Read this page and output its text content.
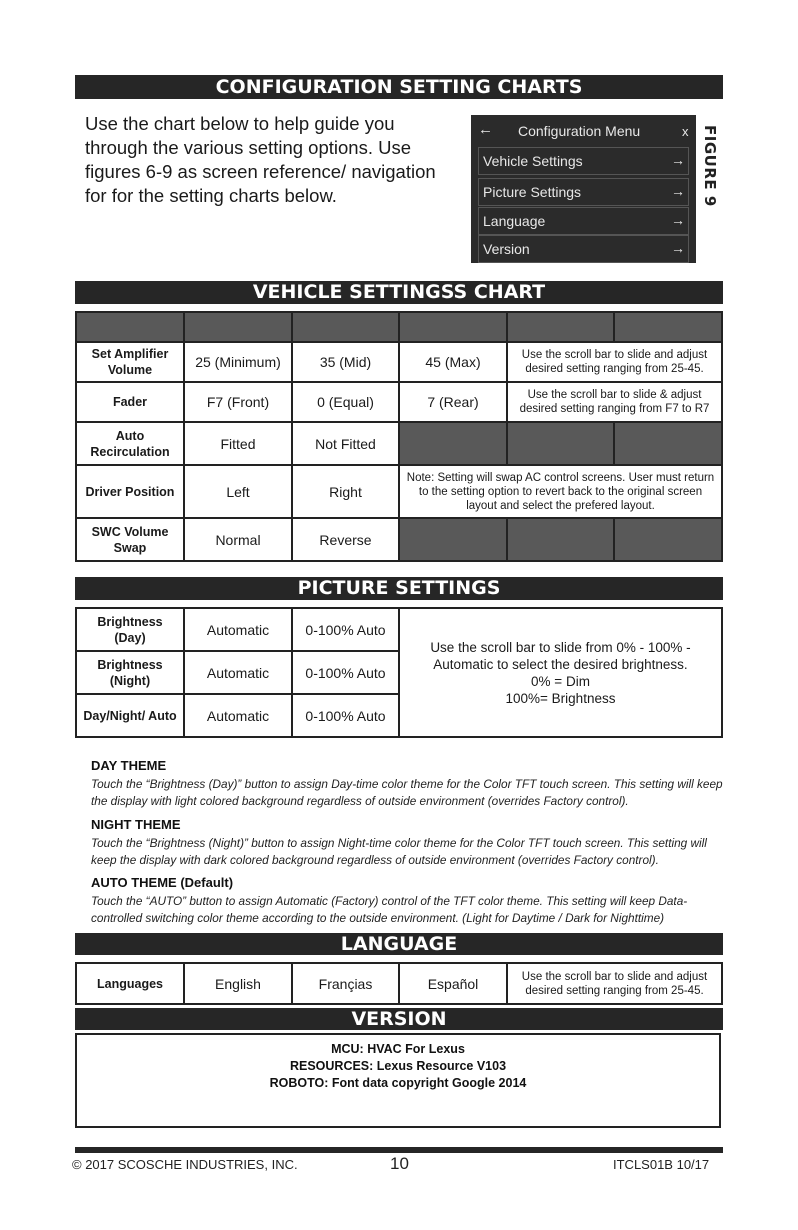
CONFIGURATION SETTING CHARTS
Use the chart below to help guide you through the various setting options. Use figures 6-9 as screen reference/ navigation for for the setting charts below.
← Configuration Menu	x
Vehicle Settings	→
Picture Settings	→
Language	→
Version	→
FIGURE 9
VEHICLE SETTINGSS CHART

Set Amplifier Volume	25 (Minimum)	35 (Mid)	45 (Max)	Use the scroll bar to slide and adjust desired setting ranging from 25-45.	
Fader	F7 (Front)	0 (Equal)	7 (Rear)	Use the scroll bar to slide & adjust desired setting ranging from F7 to R7	
Auto Recirculation	Fitted	Not Fitted			
Driver Position	Left	Right	Note: Setting will swap AC control screens. User must return to the setting option to revert back to the original screen layout and select the prefered layout.		
SWC Volume Swap	Normal	Reverse			
PICTURE SETTINGS
Brightness (Day)	Automatic	0-100% Auto	Use the scroll bar to slide from 0% - 100% - Automatic to select the desired brightness.
0% = Dim
100%= Brightness

Brightness (Night)	Automatic	0-100% Auto	
Day/Night/ Auto	Automatic	0-100% Auto	
DAY THEME
Touch the “Brightness (Day)” button to assign Day-time color theme for the Color TFT touch screen. This setting will keep the display with light colored background regardless of outside environment (overrides Factory control).
NIGHT THEME
Touch the “Brightness (Night)” button to assign Night-time color theme for the Color TFT touch screen. This setting will keep the display with dark colored background regardless of outside environment (overrides Factory control).
AUTO THEME (Default)
Touch the “AUTO” button to assign Automatic (Factory) control of the TFT color theme. This setting will keep Data-controlled switching color theme according to the outside environment. (Light for Daytime / Dark for Nighttime)
LANGUAGE
Languages	English	Françias	Español	Use the scroll bar to slide and adjust desired setting ranging from 25-45.
VERSION
MCU: HVAC For Lexus
RESOURCES: Lexus Resource V103
ROBOTO: Font data copyright Google 2014
© 2017 SCOSCHE INDUSTRIES, INC.	10	ITCLS01B 10/17
